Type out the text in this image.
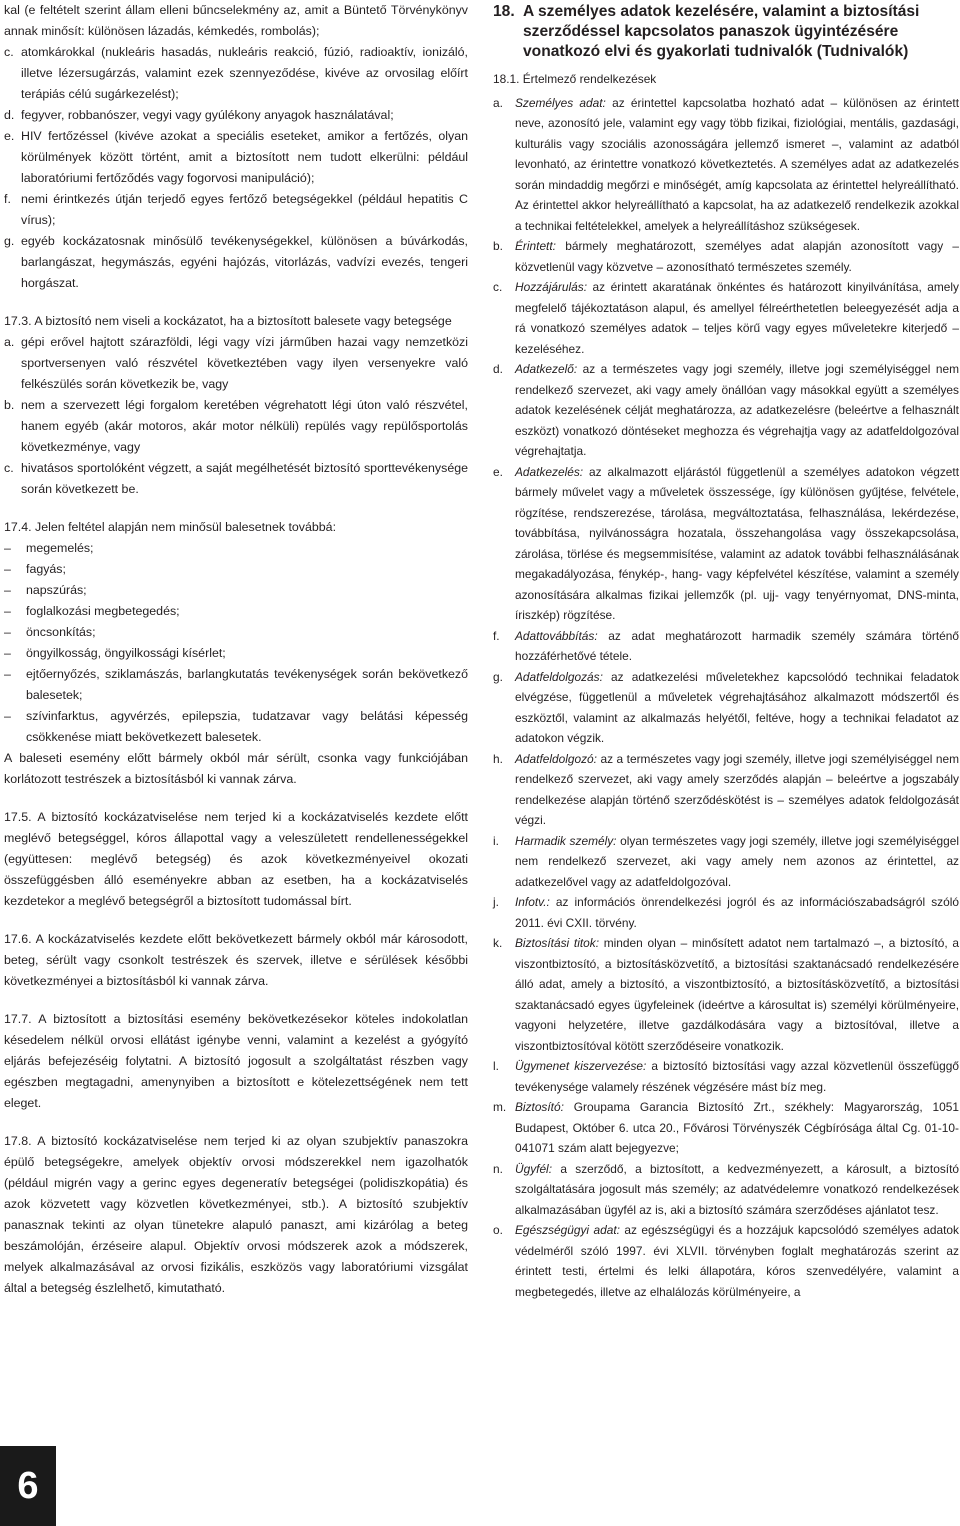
kal (e feltételt szerint állam elleni bűncselekmény az, amit a Büntető Törvénykönyv annak minősít: különösen lázadás, kémkedés, rombolás);

c. atomkárokkal (nukleáris hasadás, nukleáris reakció, fúzió, radioaktív, ionizáló, illetve lézersugárzás, valamint ezek szennyeződése, kivéve az orvosilag előírt terápiás célú sugárkezelést);

d. fegyver, robbanószer, vegyi vagy gyúlékony anyagok használatával;

e. HIV fertőzéssel (kivéve azokat a speciális eseteket, amikor a fertőzés, olyan körülmények között történt, amit a biztosított nem tudott elkerülni: például laboratóriumi fertőződés vagy fogorvosi manipuláció);

f. nemi érintkezés útján terjedő egyes fertőző betegségekkel (például hepatitis C vírus);

g. egyéb kockázatosnak minősülő tevékenységekkel, különösen a búvárkodás, barlangászat, hegymászás, egyéni hajózás, vitorlázás, vadvízi evezés, tengeri horgászat.

17.3. A biztosító nem viseli a kockázatot, ha a biztosított balesete vagy betegsége

a. gépi erővel hajtott szárazföldi, légi vagy vízi járműben hazai vagy nemzetközi sportversenyen való részvétel következtében vagy ilyen versenyekre való felkészülés során következik be, vagy

b. nem a szervezett légi forgalom keretében végrehatott légi úton való részvétel, hanem egyéb (akár motoros, akár motor nélküli) repülés vagy repülősportolás következménye, vagy

c. hivatásos sportolóként végzett, a saját megélhetését biztosító sporttevékenysége során következett be.

17.4. Jelen feltétel alapján nem minősül balesetnek továbbá:

– megemelés;

– fagyás;

– napszúrás;

– foglalkozási megbetegedés;

– öncsonkítás;

– öngyilkosság, öngyilkossági kísérlet;

– ejtőernyőzés, sziklamászás, barlangkutatás tevékenységek során bekövetkező balesetek;

– szívinfarktus, agyvérzés, epilepszia, tudatzavar vagy belátási képesség csökkenése miatt bekövetkezett balesetek.

A baleseti esemény előtt bármely okból már sérült, csonka vagy funkciójában korlátozott testrészek a biztosításból ki vannak zárva.

17.5. A biztosító kockázatviselése nem terjed ki a kockázatviselés kezdete előtt meglévő betegséggel, kóros állapottal vagy a veleszületett rendellenességekkel (együttesen: meglévő betegség) és azok következményeivel okozati összefüggésben álló eseményekre abban az esetben, ha a kockázatviselés kezdetekor a meglévő betegségről a biztosított tudomással bírt.

17.6. A kockázatviselés kezdete előtt bekövetkezett bármely okból már károsodott, beteg, sérült vagy csonkolt testrészek és szervek, illetve e sérülések későbbi következményei a biztosításból ki vannak zárva.

17.7. A biztosított a biztosítási esemény bekövetkezésekor köteles indokolatlan késedelem nélkül orvosi ellátást igénybe venni, valamint a kezelést a gyógyító eljárás befejezéséig folytatni. A biztosító jogosult a szolgáltatást részben vagy egészben megtagadni, amenynyiben a biztosított e kötelezettségének nem tett eleget.

17.8. A biztosító kockázatviselése nem terjed ki az olyan szubjektív panaszokra épülő betegségekre, amelyek objektív orvosi módszerekkel nem igazolhatók (például migrén vagy a gerinc egyes degeneratív betegségei (polidiszkopátia) és azok közvetett vagy közvetlen következményei, stb.). A biztosító szubjektív panasznak tekinti az olyan tünetekre alapuló panaszt, ami kizárólag a beteg beszámolóján, érzéseire alapul. Objektív orvosi módszerek azok a módszerek, melyek alkalmazásával az orvosi fizikális, eszközös vagy laboratóriumi vizsgálat által a betegség észlelhető, kimutatható.

18. A személyes adatok kezelésére, valamint a biztosítási szerződéssel kapcsolatos panaszok ügyintézésére vonatkozó elvi és gyakorlati tudnivalók (Tudnivalók)

18.1. Értelmező rendelkezések

a. Személyes adat: az érintettel kapcsolatba hozható adat – különösen az érintett neve, azonosító jele, valamint egy vagy több fizikai, fiziológiai, mentális, gazdasági, kulturális vagy szociális azonosságára jellemző ismeret –, valamint az adatból levonható, az érintettre vonatkozó következtetés. A személyes adat az adatkezelés során mindaddig megőrzi e minőségét, amíg kapcsolata az érintettel helyreállítható. Az érintettel akkor helyreállítható a kapcsolat, ha az adatkezelő rendelkezik azokkal a technikai feltételekkel, amelyek a helyreállításhoz szükségesek.

b. Érintett: bármely meghatározott, személyes adat alapján azonosított vagy – közvetlenül vagy közvetve – azonosítható természetes személy.

c. Hozzájárulás: az érintett akaratának önkéntes és határozott kinyilvánítása, amely megfelelő tájékoztatáson alapul, és amellyel félreérthetetlen beleegyezését adja a rá vonatkozó személyes adatok – teljes körű vagy egyes műveletekre kiterjedő – kezeléséhez.

d. Adatkezelő: az a természetes vagy jogi személy, illetve jogi személyiséggel nem rendelkező szervezet, aki vagy amely önállóan vagy másokkal együtt a személyes adatok kezelésének célját meghatározza, az adatkezelésre (beleértve a felhasznált eszközt) vonatkozó döntéseket meghozza és végrehajtja vagy az adatfeldolgozóval végrehajtatja.

e. Adatkezelés: az alkalmazott eljárástól függetlenül a személyes adatokon végzett bármely művelet vagy a műveletek összessége, így különösen gyűjtése, felvétele, rögzítése, rendszerezése, tárolása, megváltoztatása, felhasználása, lekérdezése, továbbítása, nyilvánosságra hozatala, összehangolása vagy összekapcsolása, zárolása, törlése és megsemmisítése, valamint az adatok további felhasználásának megakadályozása, fénykép-, hang- vagy képfelvétel készítése, valamint a személy azonosítására alkalmas fizikai jellemzők (pl. ujj- vagy tenyérnyomat, DNS-minta, íriszkép) rögzítése.

f. Adattovábbítás: az adat meghatározott harmadik személy számára történő hozzáférhetővé tétele.

g. Adatfeldolgozás: az adatkezelési műveletekhez kapcsolódó technikai feladatok elvégzése, függetlenül a műveletek végrehajtásához alkalmazott módszertől és eszköztől, valamint az alkalmazás helyétől, feltéve, hogy a technikai feladatot az adatokon végzik.

h. Adatfeldolgozó: az a természetes vagy jogi személy, illetve jogi személyiséggel nem rendelkező szervezet, aki vagy amely szerződés alapján – beleértve a jogszabály rendelkezése alapján történő szerződéskötést is – személyes adatok feldolgozását végzi.

i. Harmadik személy: olyan természetes vagy jogi személy, illetve jogi személyiséggel nem rendelkező szervezet, aki vagy amely nem azonos az érintettel, az adatkezelővel vagy az adatfeldolgozóval.

j. Infotv.: az információs önrendelkezési jogról és az információszabadságról szóló 2011. évi CXII. törvény.

k. Biztosítási titok: minden olyan – minősített adatot nem tartalmazó –, a biztosító, a viszontbiztosító, a biztosításközvetítő, a biztosítási szaktanácsadó rendelkezésére álló adat, amely a biztosító, a viszontbiztosító, a biztosításközvetítő, a biztosítási szaktanácsadó egyes ügyfeleinek (ideértve a károsultat is) személyi körülményeire, vagyoni helyzetére, illetve gazdálkodására vagy a biztosítóval, illetve a viszontbiztosítóval kötött szerződéseire vonatkozik.

l. Ügymenet kiszervezése: a biztosító biztosítási vagy azzal közvetlenül összefüggő tevékenysége valamely részének végzésére mást bíz meg.

m. Biztosító: Groupama Garancia Biztosító Zrt., székhely: Magyarország, 1051 Budapest, Október 6. utca 20., Fővárosi Törvényszék Cégbírósága által Cg. 01-10-041071 szám alatt bejegyezve;

n. Ügyfél: a szerződő, a biztosított, a kedvezményezett, a károsult, a biztosító szolgáltatására jogosult más személy; az adatvédelemre vonatkozó rendelkezések alkalmazásában ügyfél az is, aki a biztosító számára szerződéses ajánlatot tesz.

o. Egészségügyi adat: az egészségügyi és a hozzájuk kapcsolódó személyes adatok védelméről szóló 1997. évi XLVII. törvényben foglalt meghatározás szerint az érintett testi, értelmi és lelki állapotára, kóros szenvedélyére, valamint a megbetegedés, illetve az elhalálozás körülményeire, a

6
